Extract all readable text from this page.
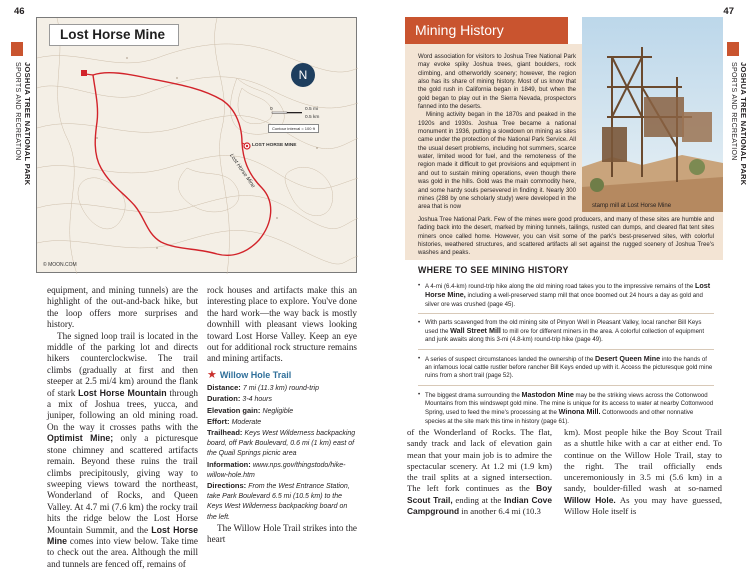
46	47
JOSHUA TREE NATIONAL PARK
SPORTS AND RECREATION	JOSHUA TREE NATIONAL PARK
SPORTS AND RECREATION
Lost Horse Mine
N
0	0.5 mi
0.5 km
Contour interval = 100 ft
LOST HORSE MINE
Lost Horse Mine
© MOON.COM

equipment, and mining tunnels) are the highlight of the out-and-back hike, but the loop offers more surprises and history.

The signed loop trail is located in the middle of the parking lot and directs hikers counterclockwise. The trail climbs (gradually at first and then steeper at 2.5 mi/4 km) around the flank of stark Lost Horse Mountain through a mix of Joshua trees, yucca, and juniper, following an old mining road. On the way it crosses paths with the Optimist Mine; only a picturesque stone chimney and scattered artifacts remain. Beyond these ruins the trail climbs precipitously, giving way to sweeping views toward the northeast, Wonderland of Rocks, and Queen Valley. At 4.7 mi (7.6 km) the rocky trail hits the ridge below the Lost Horse Mountain Summit, and the Lost Horse Mine comes into view below. Take time to check out the area. Although the mill and tunnels are fenced off, remains of

rock houses and artifacts make this an interesting place to explore. You've done the hard work—the way back is mostly downhill with pleasant views looking toward Lost Horse Valley. Keep an eye out for additional rock structure remains and mining artifacts.

★ Willow Hole Trail
Distance: 7 mi (11.3 km) round-trip
Duration: 3-4 hours
Elevation gain: Negligible
Effort: Moderate
Trailhead: Keys West Wilderness backpacking board, off Park Boulevard, 0.6 mi (1 km) east of the Quail Springs picnic area
Information: www.nps.gov/thingstodo/hike-willow-hole.htm
Directions: From the West Entrance Station, take Park Boulevard 6.5 mi (10.5 km) to the Keys West Wilderness backpacking board on the left.

The Willow Hole Trail strikes into the heart

Mining History

Word association for visitors to Joshua Tree National Park may evoke spiky Joshua trees, giant boulders, rock climbing, and otherworldly scenery; however, the region also has its share of mining history. Most of us know that the gold rush in California began in 1849, but when the gold began to play out in the Sierra Nevada, prospectors fanned into the deserts.

Mining activity began in the 1870s and peaked in the 1920s and 1930s. Joshua Tree became a national monument in 1936, putting a slowdown on mining as sites came under the protection of the National Park Service. All the usual desert problems, including hot summers, scarce water, limited wood for fuel, and the remoteness of the region made it difficult to get provisions and equipment in and out to sustain mining operations, even though there was gold in the hills. Gold was the main commodity here, and some hardy souls persevered in finding it. Nearly 300 mines (288 by one scholarly study) were developed in the area that is now

Joshua Tree National Park. Few of the mines were good producers, and many of these sites are humble and fading back into the desert, marked by mining tunnels, tailings, rusted can dumps, and cleared flat tent sites miners once called home. However, you can visit some of the park's best-preserved sites, with colorful histories, weathered structures, and scattered artifacts all set against the rugged scenery of Joshua Tree's washes and peaks.
stamp mill at Lost Horse Mine
WHERE TO SEE MINING HISTORY
• A 4-mi (6.4-km) round-trip hike along the old mining road takes you to the impressive remains of the Lost Horse Mine, including a well-preserved stamp mill that once boomed out 24 hours a day as gold and silver ore was crushed (page 45).
• With parts scavenged from the old mining site of Pinyon Well in Pleasant Valley, local rancher Bill Keys used the Wall Street Mill to mill ore for different miners in the area. A colorful collection of equipment and junk awaits along this 3-mi (4.8-km) round-trip hike (page 49).
• A series of suspect circumstances landed the ownership of the Desert Queen Mine into the hands of an infamous local cattle rustler before rancher Bill Keys ended up with it. Access the picturesque gold mine ruins from a short trail (page 52).
• The biggest drama surrounding the Mastodon Mine may be the striking views across the Cottonwood Mountains from this windswept gold mine. The mine is unique for its access to water at nearby Cottonwood Spring, used to feed the mine's processing at the Winona Mill. Cottonwoods and other nonnative species at the site mark this time in history (page 61).

of the Wonderland of Rocks. The flat, sandy track and lack of elevation gain mean that your main job is to admire the spectacular scenery. At 1.2 mi (1.9 km) the trail splits at a signed intersection. The left fork continues as the Boy Scout Trail, ending at the Indian Cove Campground in another 6.4 mi (10.3

km). Most people hike the Boy Scout Trail as a shuttle hike with a car at either end. To continue on the Willow Hole Trail, stay to the right. The trail officially ends unceremoniously in 3.5 mi (5.6 km) in a sandy, boulder-filled wash at so-named Willow Hole. As you may have guessed, Willow Hole itself is
